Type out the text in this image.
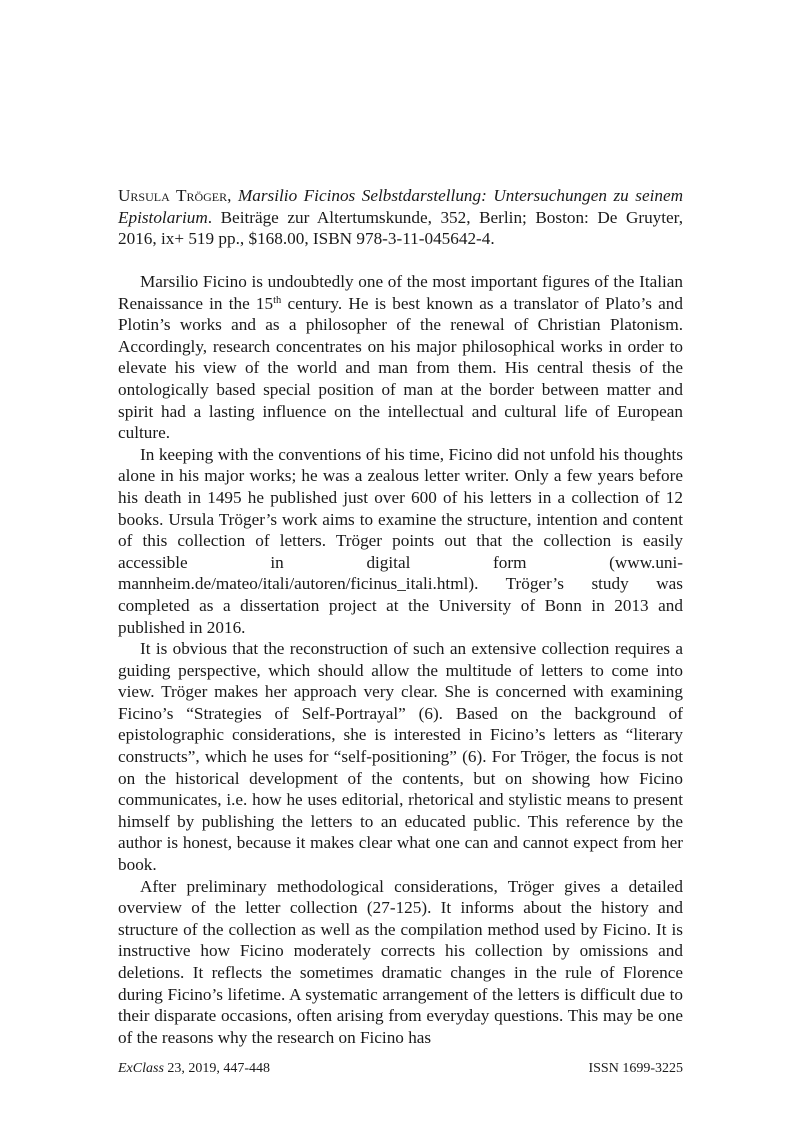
Ursula Tröger, Marsilio Ficinos Selbstdarstellung: Untersuchungen zu seinem Epistolarium. Beiträge zur Altertumskunde, 352, Berlin; Boston: De Gruyter, 2016, ix+ 519 pp., $168.00, ISBN 978-3-11-045642-4.

Marsilio Ficino is undoubtedly one of the most important figures of the Italian Renaissance in the 15th century. He is best known as a translator of Plato’s and Plotin’s works and as a philosopher of the renewal of Christian Platonism. Accordingly, research concentrates on his major philosophical works in order to elevate his view of the world and man from them. His central thesis of the ontologically based special position of man at the border between matter and spirit had a lasting influence on the intellectual and cultural life of European culture.

In keeping with the conventions of his time, Ficino did not unfold his thoughts alone in his major works; he was a zealous letter writer. Only a few years before his death in 1495 he published just over 600 of his letters in a collection of 12 books. Ursula Tröger’s work aims to examine the structure, intention and content of this collection of letters. Tröger points out that the collection is easily accessible in digital form (www.uni-mannheim.de/mateo/itali/autoren/ficinus_itali.html). Tröger’s study was completed as a dissertation project at the University of Bonn in 2013 and published in 2016.

It is obvious that the reconstruction of such an extensive collection requires a guiding perspective, which should allow the multitude of letters to come into view. Tröger makes her approach very clear. She is concerned with examining Ficino’s “Strategies of Self-Portrayal” (6). Based on the background of epistolographic considerations, she is interested in Ficino’s letters as “literary constructs”, which he uses for “self-positioning” (6). For Tröger, the focus is not on the historical development of the contents, but on showing how Ficino communicates, i.e. how he uses editorial, rhetorical and stylistic means to present himself by publishing the letters to an educated public. This reference by the author is honest, because it makes clear what one can and cannot expect from her book.

After preliminary methodological considerations, Tröger gives a detailed overview of the letter collection (27-125). It informs about the history and structure of the collection as well as the compilation method used by Ficino. It is instructive how Ficino moderately corrects his collection by omissions and deletions. It reflects the sometimes dramatic changes in the rule of Florence during Ficino’s lifetime. A systematic arrangement of the letters is difficult due to their disparate occasions, often arising from everyday questions. This may be one of the reasons why the research on Ficino has

ExClass 23, 2019, 447-448	ISSN 1699-3225
